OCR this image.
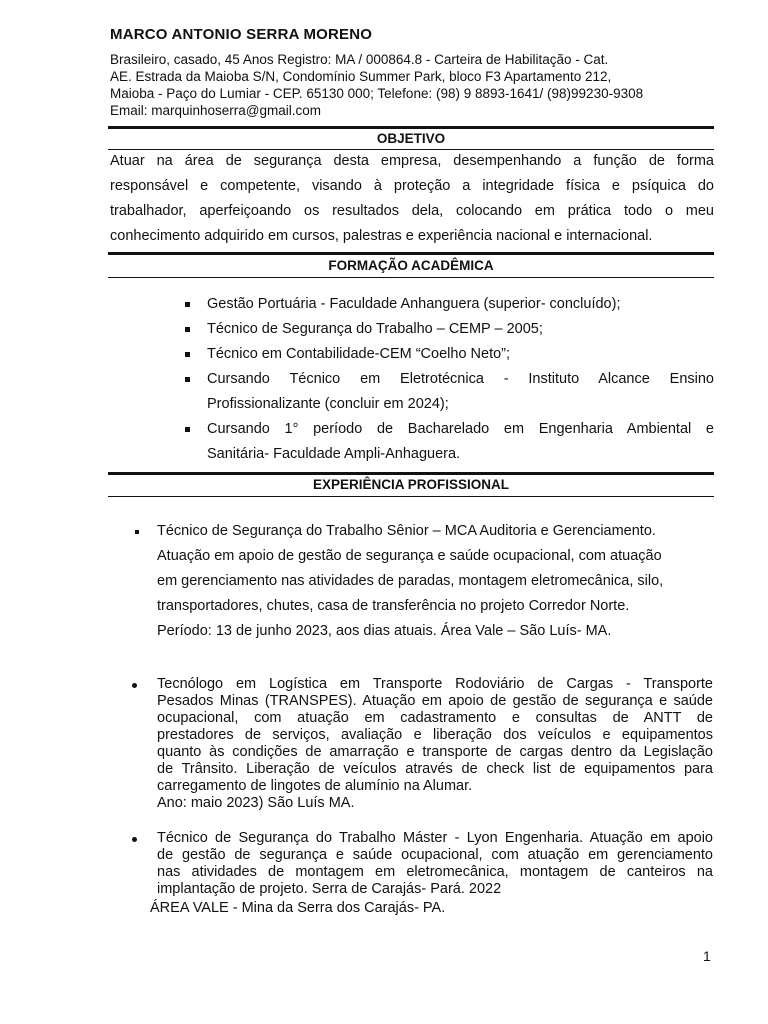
MARCO ANTONIO SERRA MORENO
Brasileiro, casado, 45 Anos Registro: MA / 000864.8 - Carteira de Habilitação - Cat.
AE. Estrada da Maioba S/N, Condomínio Summer Park, bloco F3 Apartamento 212,
Maioba - Paço do Lumiar - CEP. 65130 000; Telefone: (98) 9 8893-1641/ (98)99230-9308
Email: marquinhoserra@gmail.com
OBJETIVO
Atuar na área de segurança desta empresa, desempenhando a função de forma
responsável e competente, visando à proteção a integridade física e psíquica do
trabalhador, aperfeiçoando os resultados dela, colocando em prática todo o meu
conhecimento adquirido em cursos, palestras e experiência nacional e internacional.
FORMAÇÃO ACADÊMICA
Gestão Portuária - Faculdade Anhanguera (superior- concluído);
Técnico de Segurança do Trabalho – CEMP – 2005;
Técnico em Contabilidade-CEM “Coelho Neto”;
Cursando Técnico em Eletrotécnica - Instituto Alcance Ensino
Profissionalizante (concluir em 2024);
Cursando 1° período de Bacharelado em Engenharia Ambiental e
Sanitária- Faculdade Ampli-Anhaguera.
EXPERIÊNCIA PROFISSIONAL
Técnico de Segurança do Trabalho Sênior – MCA Auditoria e Gerenciamento.
Atuação em apoio de gestão de segurança e saúde ocupacional, com atuação
em gerenciamento nas atividades de paradas, montagem eletromecânica, silo,
transportadores, chutes, casa de transferência no projeto Corredor Norte.
Período: 13 de junho 2023, aos dias atuais. Área Vale – São Luís- MA.
Tecnólogo em Logística em Transporte Rodoviário de Cargas - Transporte
Pesados Minas (TRANSPES). Atuação em apoio de gestão de segurança e saúde
ocupacional, com atuação em cadastramento e consultas de ANTT de
prestadores de serviços, avaliação e liberação dos veículos e equipamentos
quanto às condições de amarração e transporte de cargas dentro da Legislação
de Trânsito. Liberação de veículos através de check list de equipamentos para
carregamento de lingotes de alumínio na Alumar.
Ano: maio 2023) São Luís MA.
Técnico de Segurança do Trabalho Máster - Lyon Engenharia. Atuação em apoio
de gestão de segurança e saúde ocupacional, com atuação em gerenciamento
nas atividades de montagem em eletromecânica, montagem de canteiros na
implantação de projeto. Serra de Carajás- Pará. 2022
ÁREA VALE - Mina da Serra dos Carajás- PA.
1
